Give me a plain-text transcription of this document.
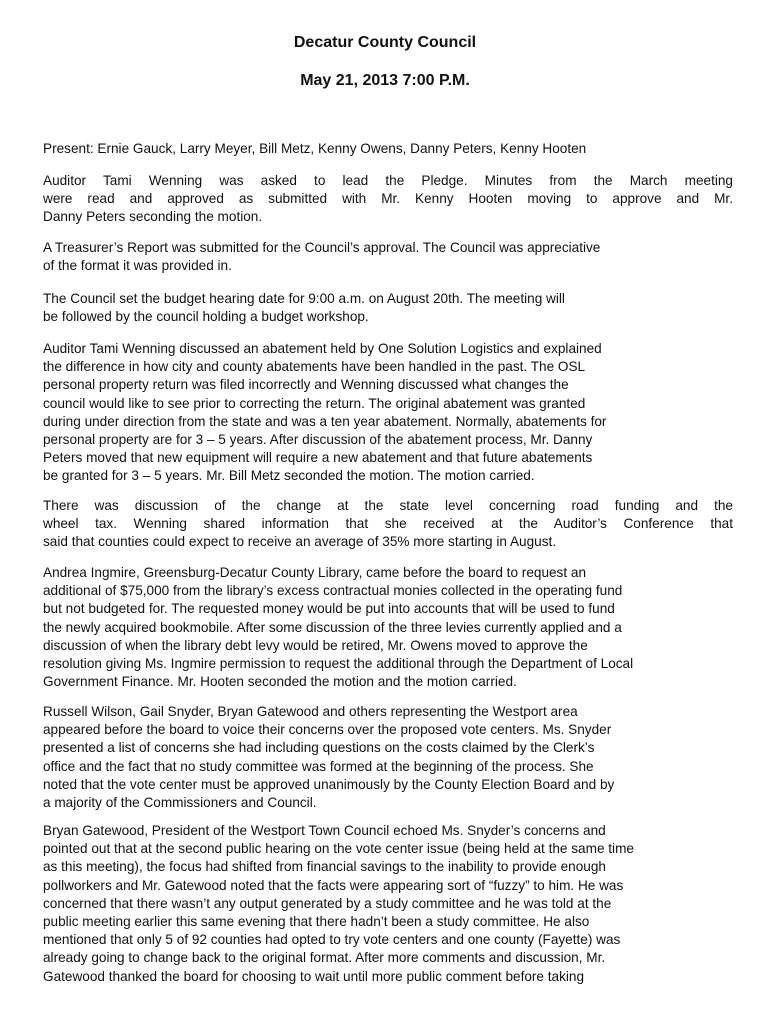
Decatur County Council
May 21, 2013 7:00 P.M.
Present: Ernie Gauck, Larry Meyer, Bill Metz, Kenny Owens, Danny Peters, Kenny Hooten
Auditor Tami Wenning was asked to lead the Pledge. Minutes from the March meeting
were read and approved as submitted with Mr. Kenny Hooten moving to approve and Mr.
Danny Peters seconding the motion.
A Treasurer’s Report was submitted for the Council’s approval. The Council was appreciative
of the format it was provided in.
The Council set the budget hearing date for 9:00 a.m. on August 20th. The meeting will
be followed by the council holding a budget workshop.
Auditor Tami Wenning discussed an abatement held by One Solution Logistics and explained
the difference in how city and county abatements have been handled in the past. The OSL
personal property return was filed incorrectly and Wenning discussed what changes the
council would like to see prior to correcting the return. The original abatement was granted
during under direction from the state and was a ten year abatement. Normally, abatements for
personal property are for 3 – 5 years. After discussion of the abatement process, Mr. Danny
Peters moved that new equipment will require a new abatement and that future abatements
be granted for 3 – 5 years. Mr. Bill Metz seconded the motion. The motion carried.
There was discussion of the change at the state level concerning road funding and the
wheel tax. Wenning shared information that she received at the Auditor’s Conference that
said that counties could expect to receive an average of 35% more starting in August.
Andrea Ingmire, Greensburg-Decatur County Library, came before the board to request an
additional of $75,000 from the library’s excess contractual monies collected in the operating fund
but not budgeted for. The requested money would be put into accounts that will be used to fund
the newly acquired bookmobile. After some discussion of the three levies currently applied and a
discussion of when the library debt levy would be retired, Mr. Owens moved to approve the
resolution giving Ms. Ingmire permission to request the additional through the Department of Local
Government Finance. Mr. Hooten seconded the motion and the motion carried.
Russell Wilson, Gail Snyder, Bryan Gatewood and others representing the Westport area
appeared before the board to voice their concerns over the proposed vote centers. Ms. Snyder
presented a list of concerns she had including questions on the costs claimed by the Clerk’s
office and the fact that no study committee was formed at the beginning of the process. She
noted that the vote center must be approved unanimously by the County Election Board and by
a majority of the Commissioners and Council.
Bryan Gatewood, President of the Westport Town Council echoed Ms. Snyder’s concerns and
pointed out that at the second public hearing on the vote center issue (being held at the same time
as this meeting), the focus had shifted from financial savings to the inability to provide enough
pollworkers and Mr. Gatewood noted that the facts were appearing sort of “fuzzy” to him. He was
concerned that there wasn’t any output generated by a study committee and he was told at the
public meeting earlier this same evening that there hadn’t been a study committee. He also
mentioned that only 5 of 92 counties had opted to try vote centers and one county (Fayette) was
already going to change back to the original format. After more comments and discussion, Mr.
Gatewood thanked the board for choosing to wait until more public comment before taking
